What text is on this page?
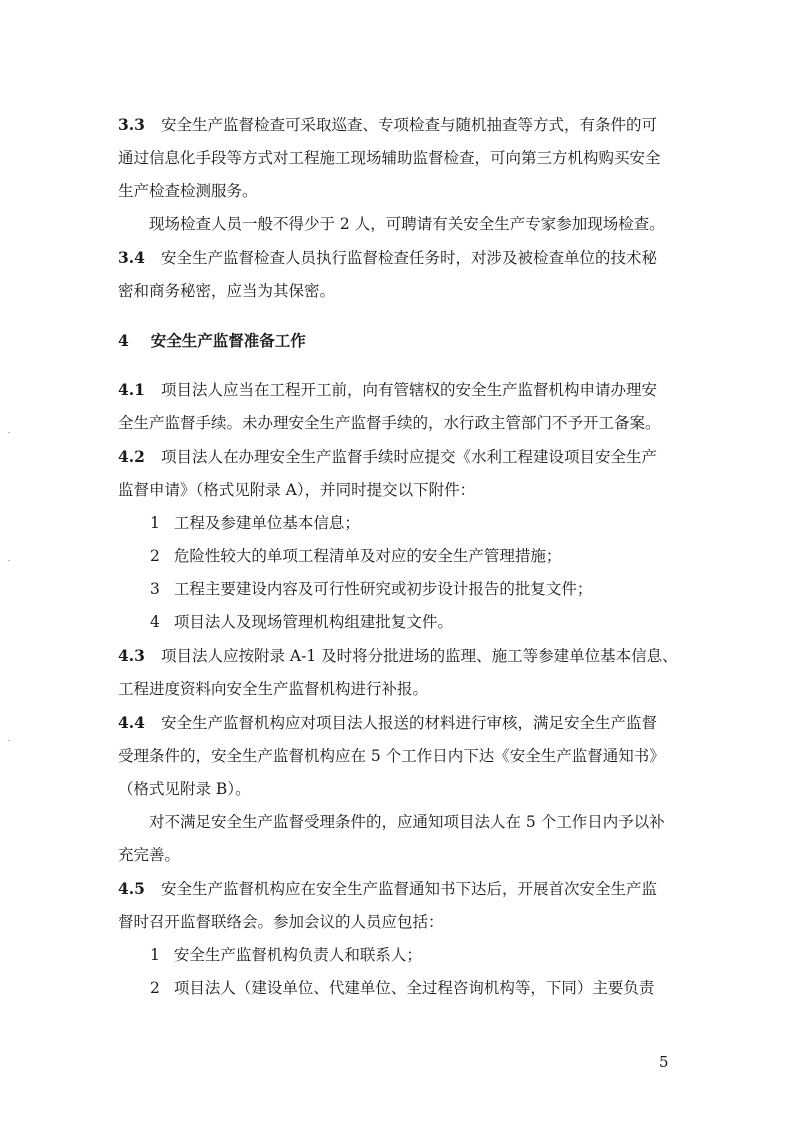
3.3 安全生产监督检查可采取巡查、专项检查与随机抽查等方式，有条件的可

通过信息化手段等方式对工程施工现场辅助监督检查，可向第三方机构购买安全

生产检查检测服务。

现场检查人员一般不得少于 2 人，可聘请有关安全生产专家参加现场检查。

3.4 安全生产监督检查人员执行监督检查任务时，对涉及被检查单位的技术秘

密和商务秘密，应当为其保密。

4 安全生产监督准备工作

4.1 项目法人应当在工程开工前，向有管辖权的安全生产监督机构申请办理安

全生产监督手续。未办理安全生产监督手续的，水行政主管部门不予开工备案。

4.2 项目法人在办理安全生产监督手续时应提交《水利工程建设项目安全生产

监督申请》（格式见附录 A），并同时提交以下附件：

1 工程及参建单位基本信息；

2 危险性较大的单项工程清单及对应的安全生产管理措施；

3 工程主要建设内容及可行性研究或初步设计报告的批复文件；

4 项目法人及现场管理机构组建批复文件。

4.3 项目法人应按附录 A-1 及时将分批进场的监理、施工等参建单位基本信息、

工程进度资料向安全生产监督机构进行补报。

4.4 安全生产监督机构应对项目法人报送的材料进行审核，满足安全生产监督

受理条件的，安全生产监督机构应在 5 个工作日内下达《安全生产监督通知书》

（格式见附录 B）。

对不满足安全生产监督受理条件的，应通知项目法人在 5 个工作日内予以补

充完善。

4.5 安全生产监督机构应在安全生产监督通知书下达后，开展首次安全生产监

督时召开监督联络会。参加会议的人员应包括：

1 安全生产监督机构负责人和联系人；

2 项目法人（建设单位、代建单位、全过程咨询机构等，下同）主要负责

5
